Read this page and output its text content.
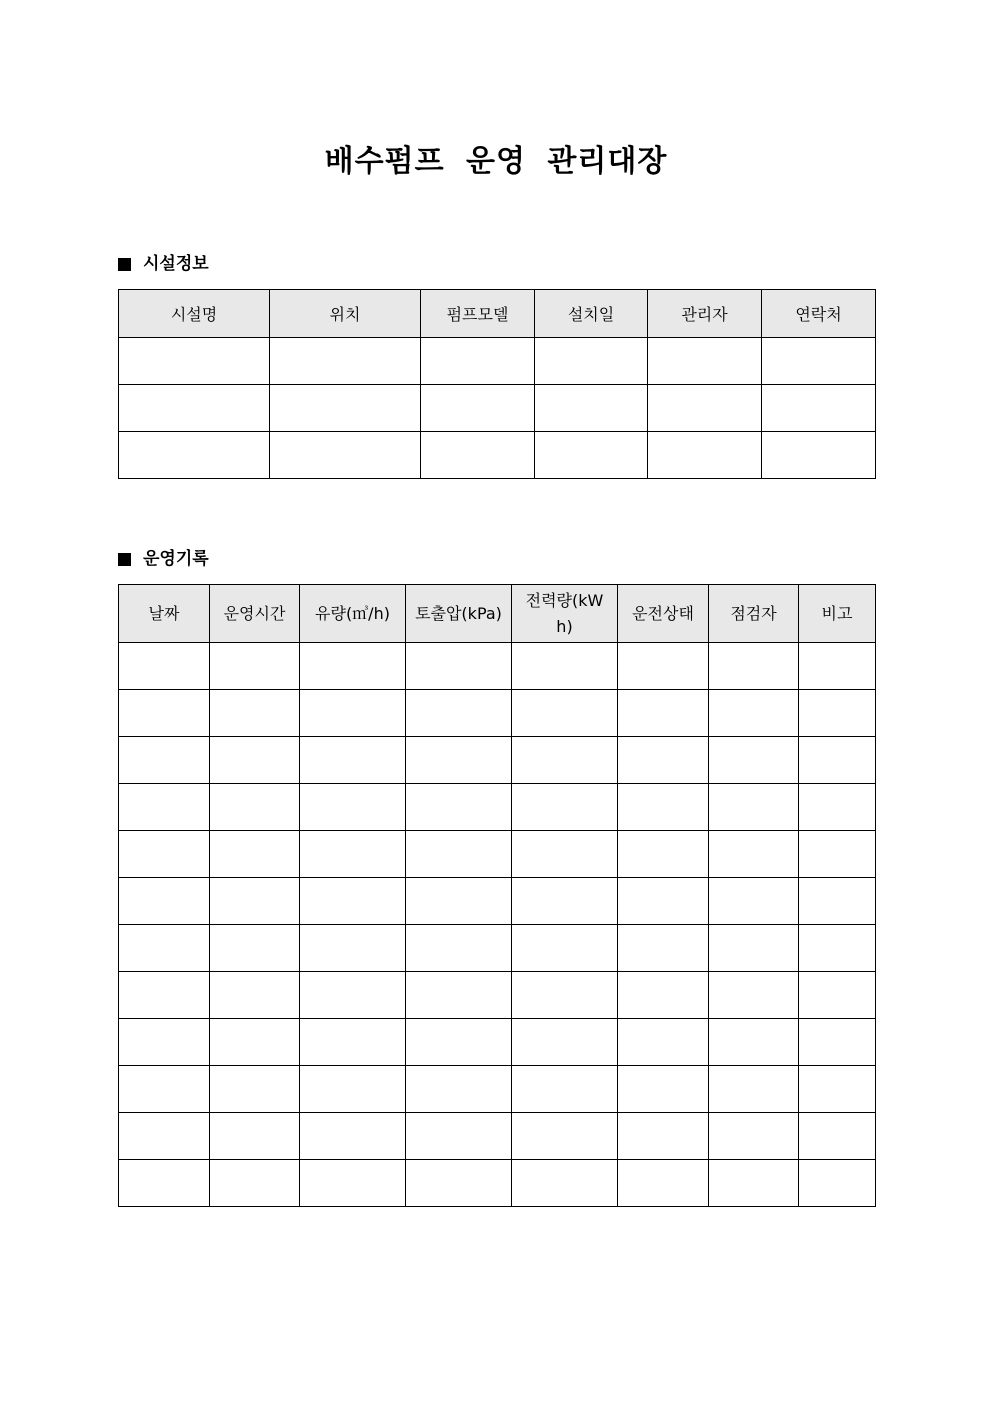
배수펌프 운영 관리대장
시설정보
시설명	위치	펌프모델	설치일	관리자	연락처

운영기록
날짜	운영시간	유량(㎥/h)	토출압(kPa)	전력량(kWh)	운전상태	점검자	비고
